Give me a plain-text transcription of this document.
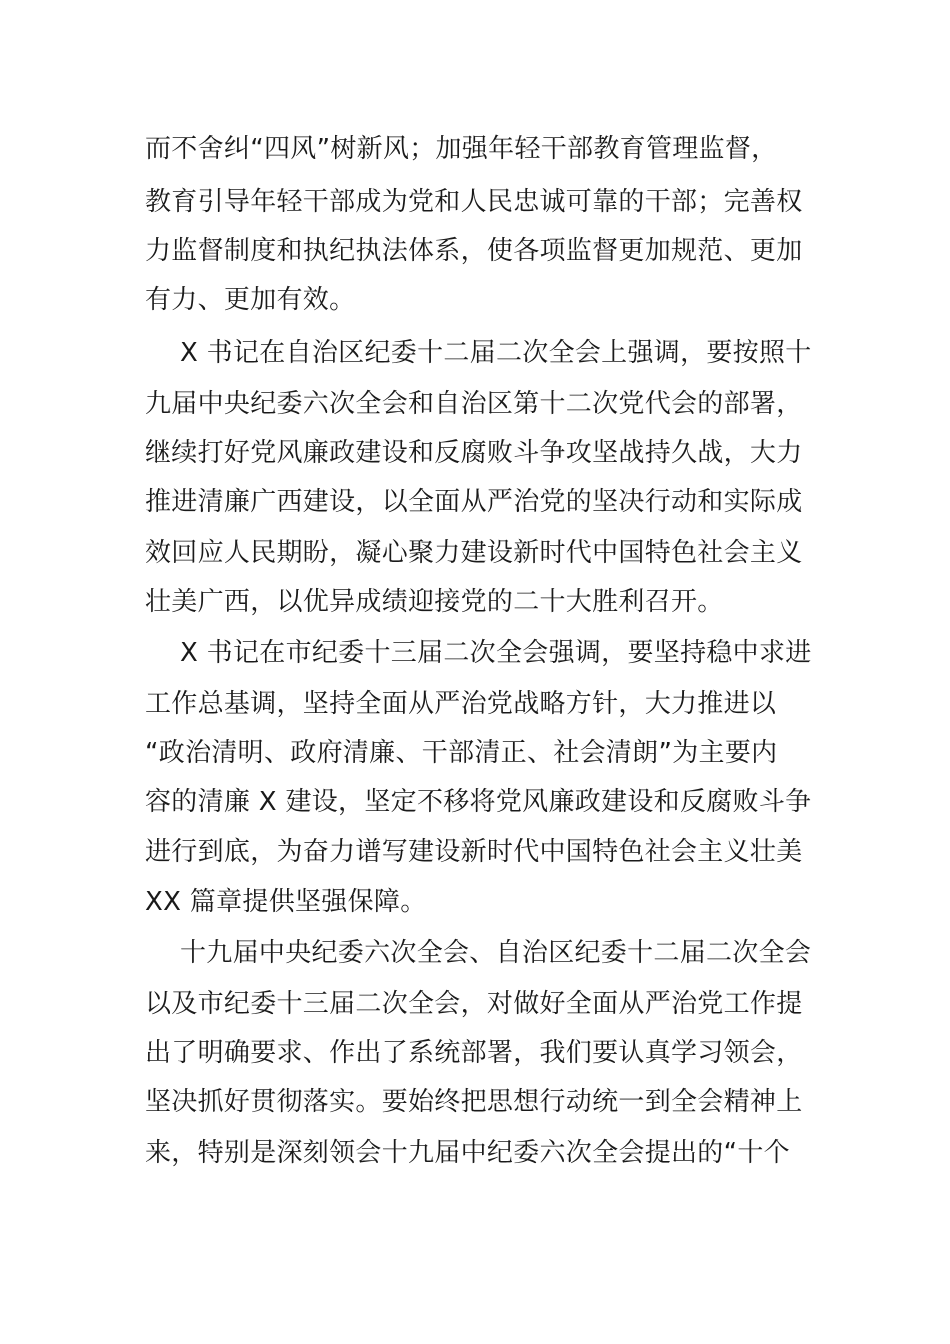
而不舍纠“四风”树新风；加强年轻干部教育管理监督，
教育引导年轻干部成为党和人民忠诚可靠的干部；完善权
力监督制度和执纪执法体系，使各项监督更加规范、更加
有力、更加有效。
X 书记在自治区纪委十二届二次全会上强调，要按照十
九届中央纪委六次全会和自治区第十二次党代会的部署，
继续打好党风廉政建设和反腐败斗争攻坚战持久战，大力
推进清廉广西建设，以全面从严治党的坚决行动和实际成
效回应人民期盼，凝心聚力建设新时代中国特色社会主义
壮美广西，以优异成绩迎接党的二十大胜利召开。
X 书记在市纪委十三届二次全会强调，要坚持稳中求进
工作总基调，坚持全面从严治党战略方针，大力推进以
“政治清明、政府清廉、干部清正、社会清朗”为主要内
容的清廉 X 建设，坚定不移将党风廉政建设和反腐败斗争
进行到底，为奋力谱写建设新时代中国特色社会主义壮美
XX 篇章提供坚强保障。
十九届中央纪委六次全会、自治区纪委十二届二次全会
以及市纪委十三届二次全会，对做好全面从严治党工作提
出了明确要求、作出了系统部署，我们要认真学习领会，
坚决抓好贯彻落实。要始终把思想行动统一到全会精神上
来，特别是深刻领会十九届中纪委六次全会提出的“十个
